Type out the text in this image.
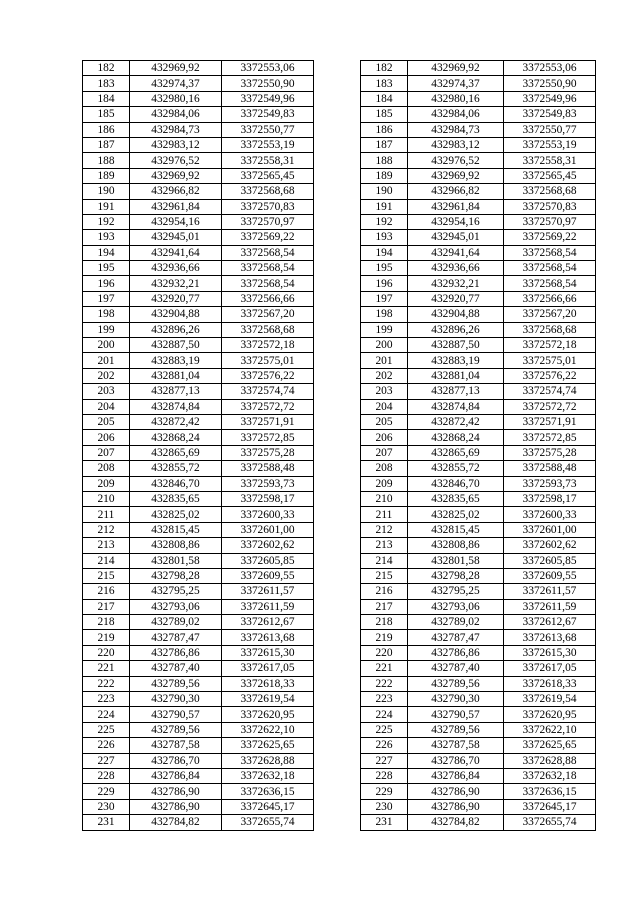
182	432969,92	3372553,06		182	432969,92	3372553,06
183	432974,37	3372550,90		183	432974,37	3372550,90
184	432980,16	3372549,96		184	432980,16	3372549,96
185	432984,06	3372549,83		185	432984,06	3372549,83
186	432984,73	3372550,77		186	432984,73	3372550,77
187	432983,12	3372553,19		187	432983,12	3372553,19
188	432976,52	3372558,31		188	432976,52	3372558,31
189	432969,92	3372565,45		189	432969,92	3372565,45
190	432966,82	3372568,68		190	432966,82	3372568,68
191	432961,84	3372570,83		191	432961,84	3372570,83
192	432954,16	3372570,97		192	432954,16	3372570,97
193	432945,01	3372569,22		193	432945,01	3372569,22
194	432941,64	3372568,54		194	432941,64	3372568,54
195	432936,66	3372568,54		195	432936,66	3372568,54
196	432932,21	3372568,54		196	432932,21	3372568,54
197	432920,77	3372566,66		197	432920,77	3372566,66
198	432904,88	3372567,20		198	432904,88	3372567,20
199	432896,26	3372568,68		199	432896,26	3372568,68
200	432887,50	3372572,18		200	432887,50	3372572,18
201	432883,19	3372575,01		201	432883,19	3372575,01
202	432881,04	3372576,22		202	432881,04	3372576,22
203	432877,13	3372574,74		203	432877,13	3372574,74
204	432874,84	3372572,72		204	432874,84	3372572,72
205	432872,42	3372571,91		205	432872,42	3372571,91
206	432868,24	3372572,85		206	432868,24	3372572,85
207	432865,69	3372575,28		207	432865,69	3372575,28
208	432855,72	3372588,48		208	432855,72	3372588,48
209	432846,70	3372593,73		209	432846,70	3372593,73
210	432835,65	3372598,17		210	432835,65	3372598,17
211	432825,02	3372600,33		211	432825,02	3372600,33
212	432815,45	3372601,00		212	432815,45	3372601,00
213	432808,86	3372602,62		213	432808,86	3372602,62
214	432801,58	3372605,85		214	432801,58	3372605,85
215	432798,28	3372609,55		215	432798,28	3372609,55
216	432795,25	3372611,57		216	432795,25	3372611,57
217	432793,06	3372611,59		217	432793,06	3372611,59
218	432789,02	3372612,67		218	432789,02	3372612,67
219	432787,47	3372613,68		219	432787,47	3372613,68
220	432786,86	3372615,30		220	432786,86	3372615,30
221	432787,40	3372617,05		221	432787,40	3372617,05
222	432789,56	3372618,33		222	432789,56	3372618,33
223	432790,30	3372619,54		223	432790,30	3372619,54
224	432790,57	3372620,95		224	432790,57	3372620,95
225	432789,56	3372622,10		225	432789,56	3372622,10
226	432787,58	3372625,65		226	432787,58	3372625,65
227	432786,70	3372628,88		227	432786,70	3372628,88
228	432786,84	3372632,18		228	432786,84	3372632,18
229	432786,90	3372636,15		229	432786,90	3372636,15
230	432786,90	3372645,17		230	432786,90	3372645,17
231	432784,82	3372655,74		231	432784,82	3372655,74
